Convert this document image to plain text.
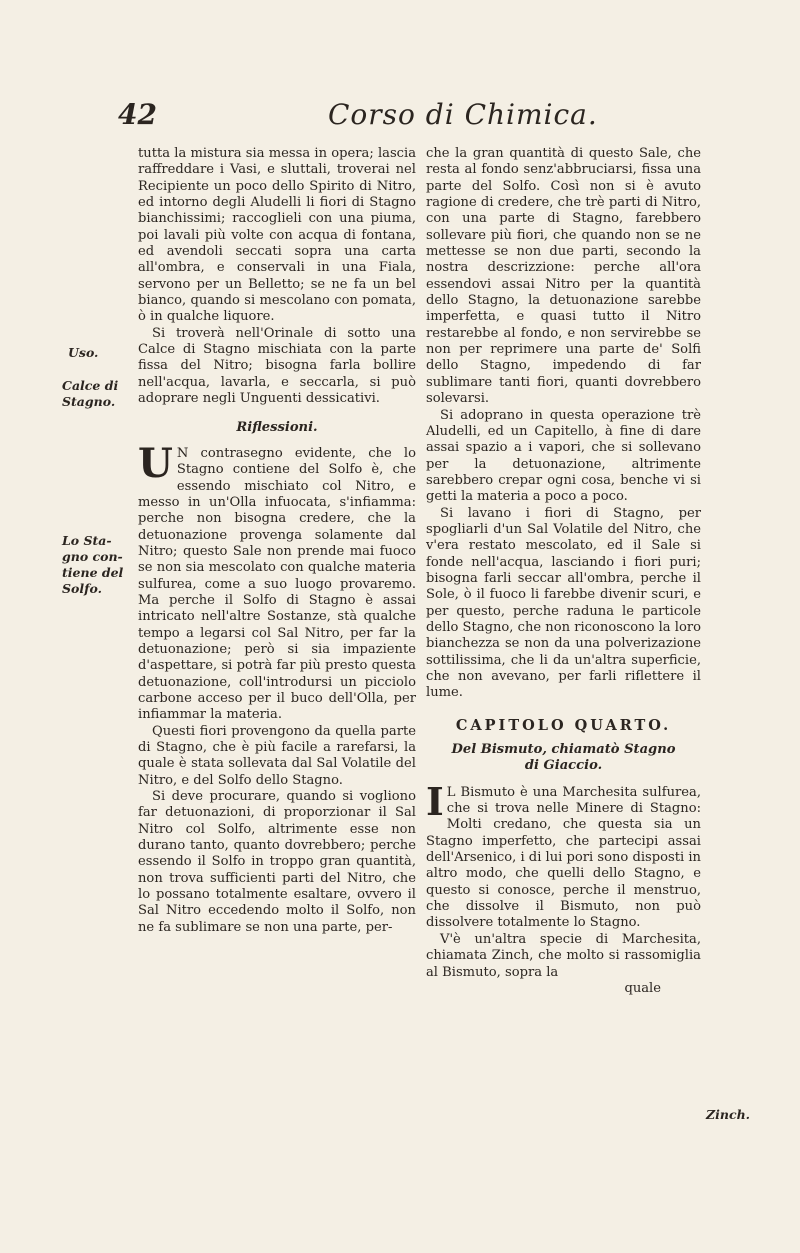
42	Corso di Chimica.
Uso.
Calce di
Stagno.
Lo Sta-
gno con-
tiene del
Solfo.
Zinch.

tutta la mistura sia messa in opera; lascia raffreddare i Vasi, e sluttali, troverai nel Recipiente un poco dello Spirito di Nitro, ed intorno degli Aludelli li fiori di Stagno bianchissimi; raccoglieli con una piuma, poi lavali più volte con acqua di fontana, ed avendoli seccati sopra una carta all'ombra, e conservali in una Fiala, servono per un Belletto; se ne fa un bel bianco, quando si mescolano con pomata, ò in qualche liquore.

Si troverà nell'Orinale di sotto una Calce di Stagno mischiata con la parte fissa del Nitro; bisogna farla bollire nell'acqua, lavarla, e seccarla, si può adoprare negli Unguenti dessicativi.

Riflessioni.

U N contrasegno evidente, che lo Stagno contiene del Solfo è, che essendo mischiato col Nitro, e messo in un'Olla infuocata, s'infiamma: perche non bisogna credere, che la detuonazione provenga solamente dal Nitro; questo Sale non prende mai fuoco se non sia mescolato con qualche materia sulfurea, come a suo luogo provaremo. Ma perche il Solfo di Stagno è assai intricato nell'altre Sostanze, stà qualche tempo a legarsi col Sal Nitro, per far la detuonazione; però si sia impaziente d'aspettare, si potrà far più presto questa detuonazione, coll'introdursi un picciolo carbone acceso per il buco dell'Olla, per infiammar la materia.

Questi fiori provengono da quella parte di Stagno, che è più facile a rarefarsi, la quale è stata sollevata dal Sal Volatile del Nitro, e del Solfo dello Stagno.

Si deve procurare, quando si vogliono far detuonazioni, di proporzionar il Sal Nitro col Solfo, altrimente esse non durano tanto, quanto dovrebbero; perche essendo il Solfo in troppo gran quantità, non trova sufficienti parti del Nitro, che lo possano totalmente esaltare, ovvero il Sal Nitro eccedendo molto il Solfo, non ne fa sublimare se non una parte, per-

che la gran quantità di questo Sale, che resta al fondo senz'abbruciarsi, fissa una parte del Solfo. Così non si è avuto ragione di credere, che trè parti di Nitro, con una parte di Stagno, farebbero sollevare più fiori, che quando non se ne mettesse se non due parti, secondo la nostra descrizzione: perche all'ora essendovi assai Nitro per la quantità dello Stagno, la detuonazione sarebbe imperfetta, e quasi tutto il Nitro restarebbe al fondo, e non servirebbe se non per reprimere una parte de' Solfi dello Stagno, impedendo di far sublimare tanti fiori, quanti dovrebbero solevarsi.

Si adoprano in questa operazione trè Aludelli, ed un Capitello, à fine di dare assai spazio a i vapori, che si sollevano per la detuonazione, altrimente sarebbero crepar ogni cosa, benche vi si getti la materia a poco a poco.

Si lavano i fiori di Stagno, per spogliarli d'un Sal Volatile del Nitro, che v'era restato mescolato, ed il Sale si fonde nell'acqua, lasciando i fiori puri; bisogna farli seccar all'ombra, perche il Sole, ò il fuoco li farebbe divenir scuri, e per questo, perche raduna le particole dello Stagno, che non riconoscono la loro bianchezza se non da una polverizazione sottilissima, che li da un'altra superficie, che non avevano, per farli riflettere il lume.

CAPITOLO QUARTO.

Del Bismuto, chiamatò Stagno

di Giaccio.

I L Bismuto è una Marchesita sulfurea, che si trova nelle Minere di Stagno: Molti credano, che questa sia un Stagno imperfetto, che partecipi assai dell'Arsenico, i di lui pori sono disposti in altro modo, che quelli dello Stagno, e questo si conosce, perche il menstruo, che dissolve il Bismuto, non può dissolvere totalmente lo Stagno.

V'è un'altra specie di Marchesita, chiamata Zinch, che molto si rassomiglia al Bismuto, sopra la

quale
